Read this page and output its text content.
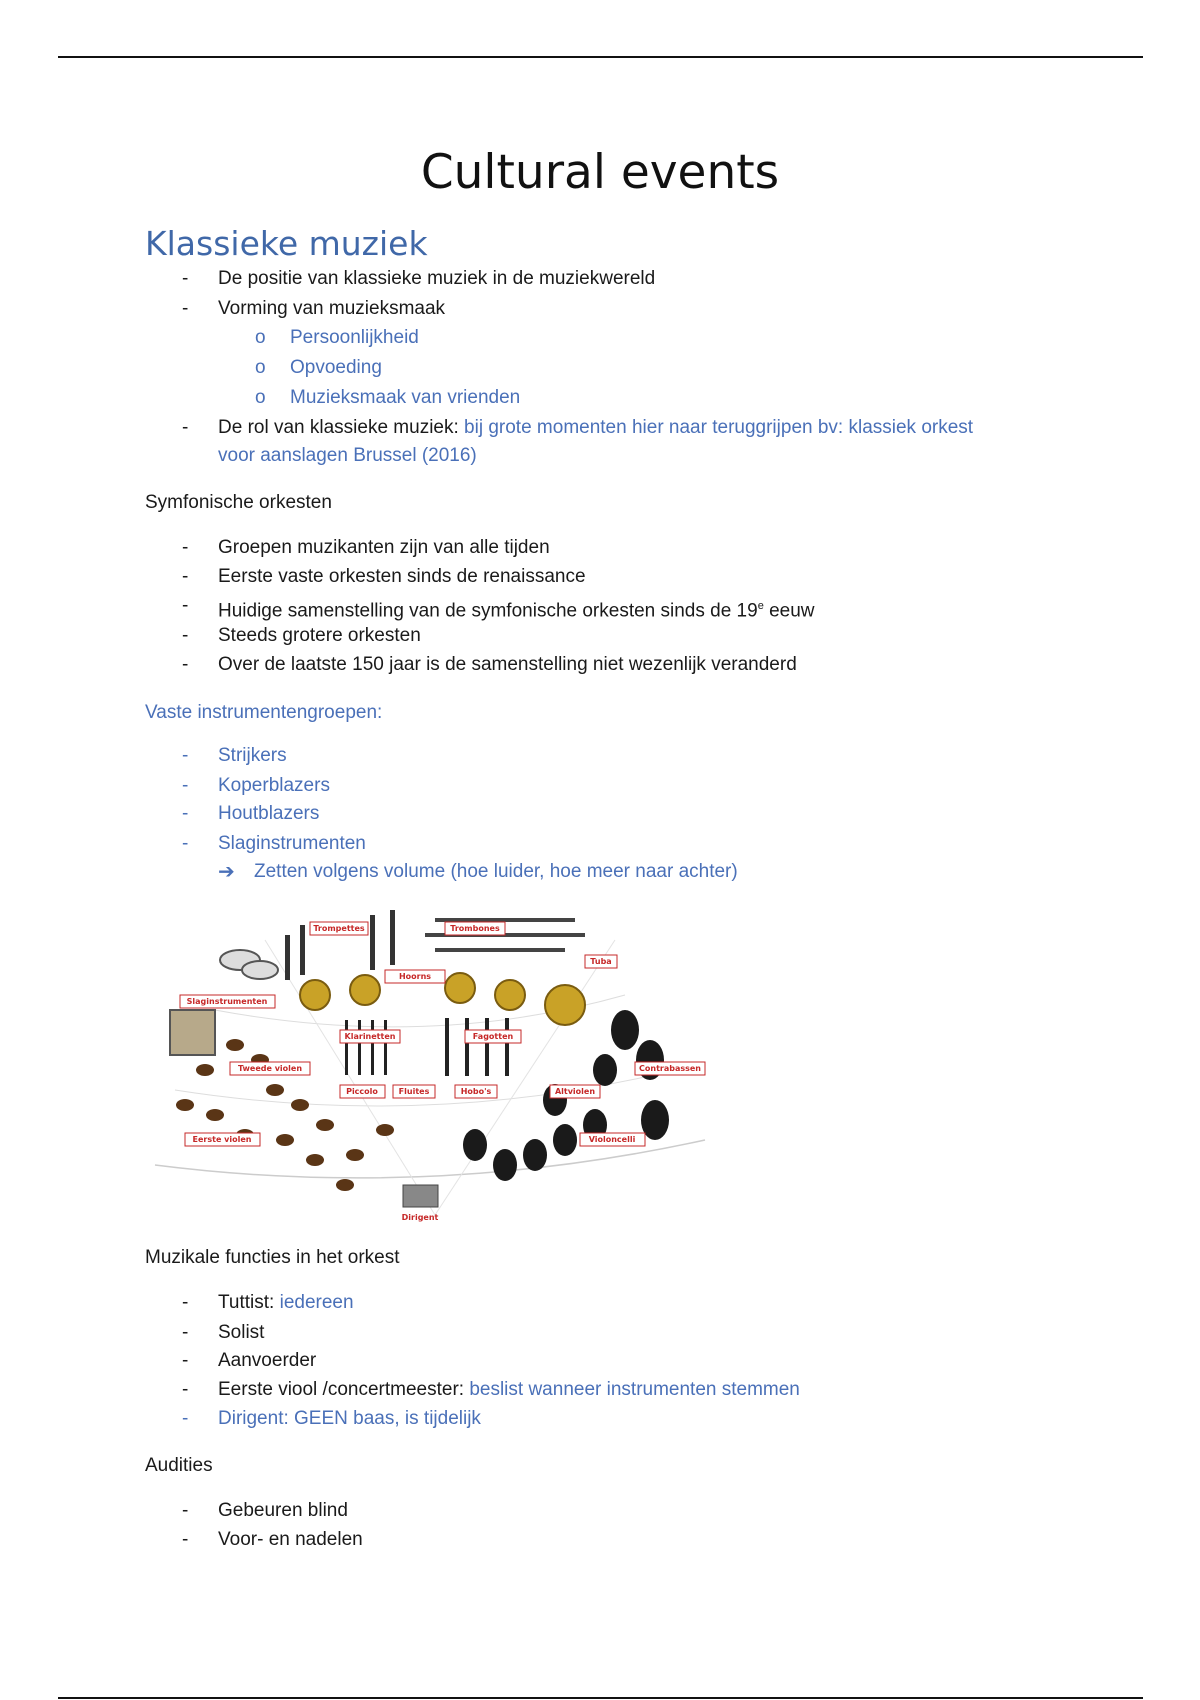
Cultural events
Klassieke muziek
- De positie van klassieke muziek in de muziekwereld
- Vorming van muzieksmaak
o Persoonlijkheid
o Opvoeding
o Muzieksmaak van vrienden
- De rol van klassieke muziek: bij grote momenten hier naar teruggrijpen bv: klassiek orkest
voor aanslagen Brussel (2016)
Symfonische orkesten
- Groepen muzikanten zijn van alle tijden
- Eerste vaste orkesten sinds de renaissance
- Huidige samenstelling van de symfonische orkesten sinds de 19e eeuw
- Steeds grotere orkesten
- Over de laatste 150 jaar is de samenstelling niet wezenlijk veranderd
Vaste instrumentengroepen:
- Strijkers
- Koperblazers
- Houtblazers
- Slaginstrumenten
➔ Zetten volgens volume (hoe luider, hoe meer naar achter)
Trompettes	Trombones
Tuba
Hoorns
Slaginstrumenten
Klarinetten	Fagotten
Tweede violen	Contrabassen
Piccolo	Fluites	Hobo's	Altviolen
Eerste violen	Violoncelli
Dirigent
Muzikale functies in het orkest
- Tuttist: iedereen
- Solist
- Aanvoerder
- Eerste viool /concertmeester: beslist wanneer instrumenten stemmen
- Dirigent: GEEN baas, is tijdelijk
Audities
- Gebeuren blind
- Voor- en nadelen
